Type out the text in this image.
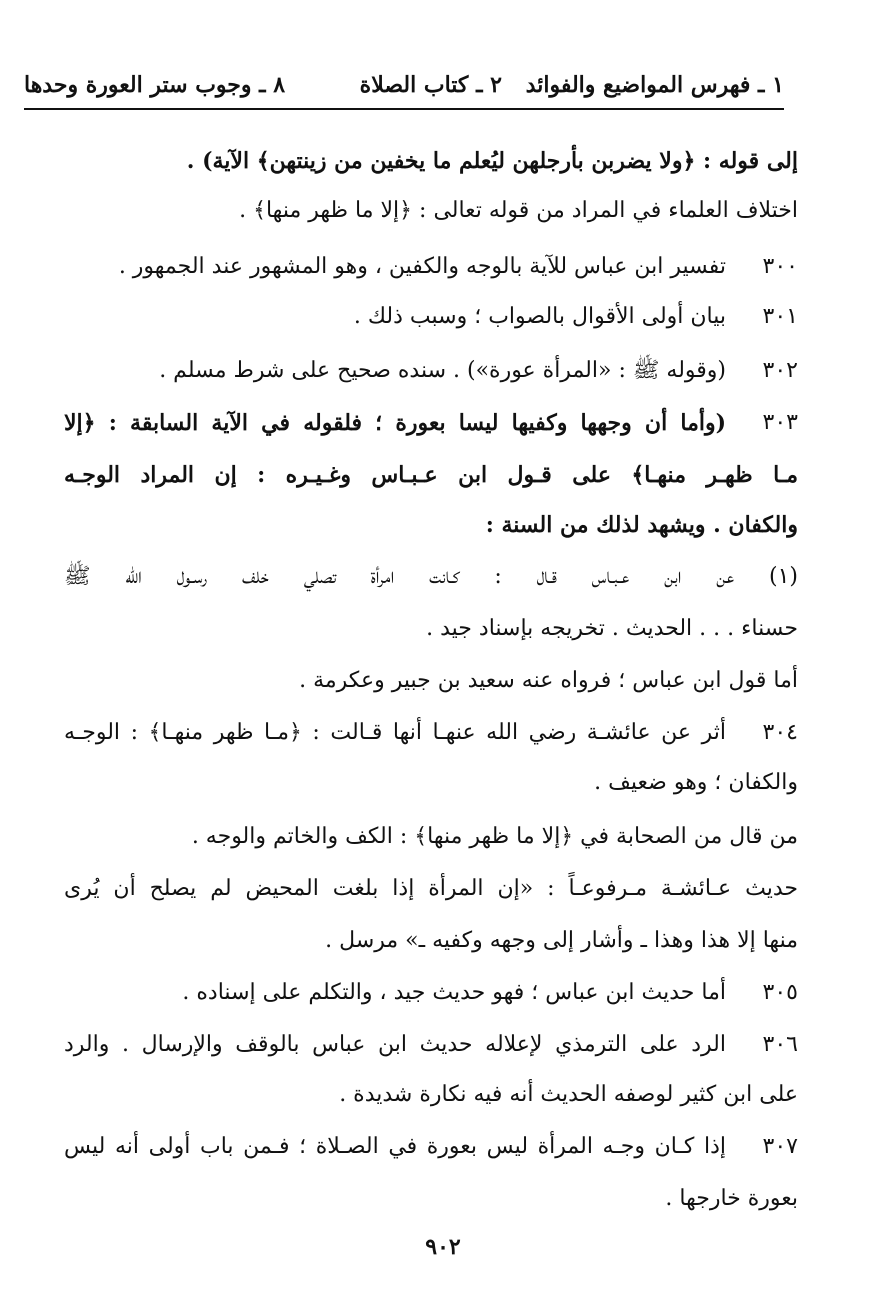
١ ـ فهرس المواضيع والفوائد
٢ ـ كتاب الصلاة
٨ ـ وجوب ستر العورة وحدها
إلى قوله : ﴿ولا يضربن بأرجلهن ليُعلم ما يخفين من زينتهن﴾ الآية) .
اختلاف العلماء في المراد من قوله تعالى : ﴿إلا ما ظهر منها﴾ .
٣٠٠
تفسير ابن عباس للآية بالوجه والكفين ، وهو المشهور عند الجمهور .
٣٠١
بيان أولى الأقوال بالصواب ؛ وسبب ذلك .
٣٠٢
(وقوله ﷺ : «المرأة عورة») . سنده صحيح على شرط مسلم .
٣٠٣
(وأما أن وجهها وكفيها ليسا بعورة ؛ فلقوله في الآية السابقة : ﴿إلا
مـا ظهـر منهـا﴾ على قـول ابن عـبـاس وغـيـره : إن المراد الوجـه
والكفان . ويشهد لذلك من السنة :
(١) عن ابن عـبـاس قـال : كـانت امرأة تصلي خلف رسـول الله ﷺ
حسناء . . . الحديث . تخريجه بإسناد جيد .
أما قول ابن عباس ؛ فرواه عنه سعيد بن جبير وعكرمة .
٣٠٤
أثر عن عائشـة رضي الله عنهـا أنها قـالت : ﴿مـا ظهر منهـا﴾ : الوجـه
والكفان ؛ وهو ضعيف .
من قال من الصحابة في ﴿إلا ما ظهر منها﴾ : الكف والخاتم والوجه .
حديث عـائشـة مـرفوعـاً : «إن المرأة إذا بلغت المحيض لم يصلح أن يُرى
منها إلا هذا وهذا ـ وأشار إلى وجهه وكفيه ـ» مرسل .
٣٠٥
أما حديث ابن عباس ؛ فهو حديث جيد ، والتكلم على إسناده .
٣٠٦
الرد على الترمذي لإعلاله حديث ابن عباس بالوقف والإرسال . والرد
على ابن كثير لوصفه الحديث أنه فيه نكارة شديدة .
٣٠٧
إذا كـان وجـه المرأة ليس بعورة في الصـلاة ؛ فـمن باب أولى أنه ليس
بعورة خارجها .
٩٠٢
